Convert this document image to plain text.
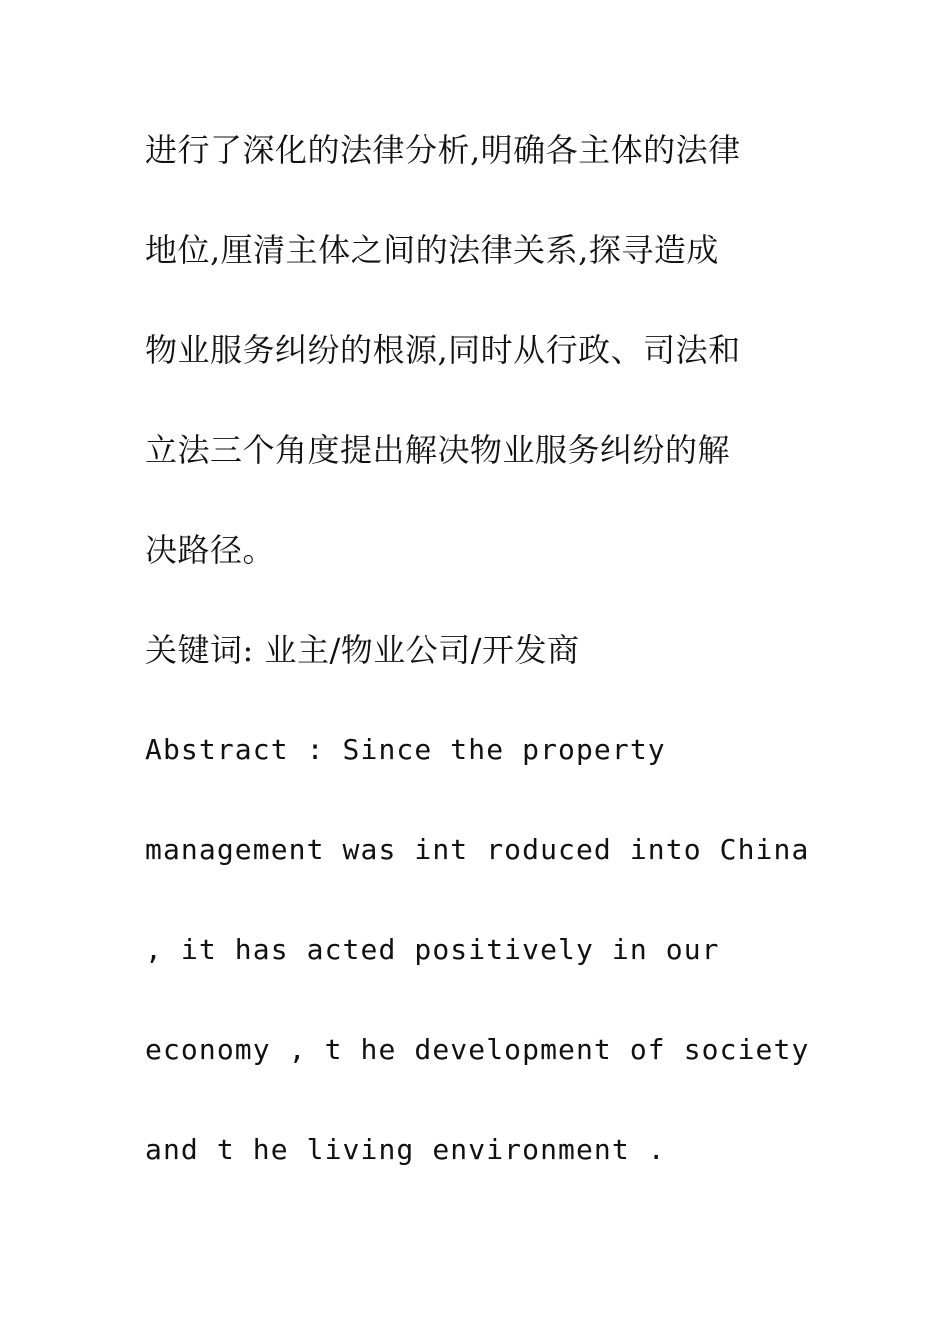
进行了深化的法律分析,明确各主体的法律
地位,厘清主体之间的法律关系,探寻造成
物业服务纠纷的根源,同时从行政、司法和
立法三个角度提出解决物业服务纠纷的解
决路径。
关键词: 业主/物业公司/开发商
Abstract : Since the property
management was int roduced into China
, it has acted positively in our
economy , t he development of society
and t he living environment .
